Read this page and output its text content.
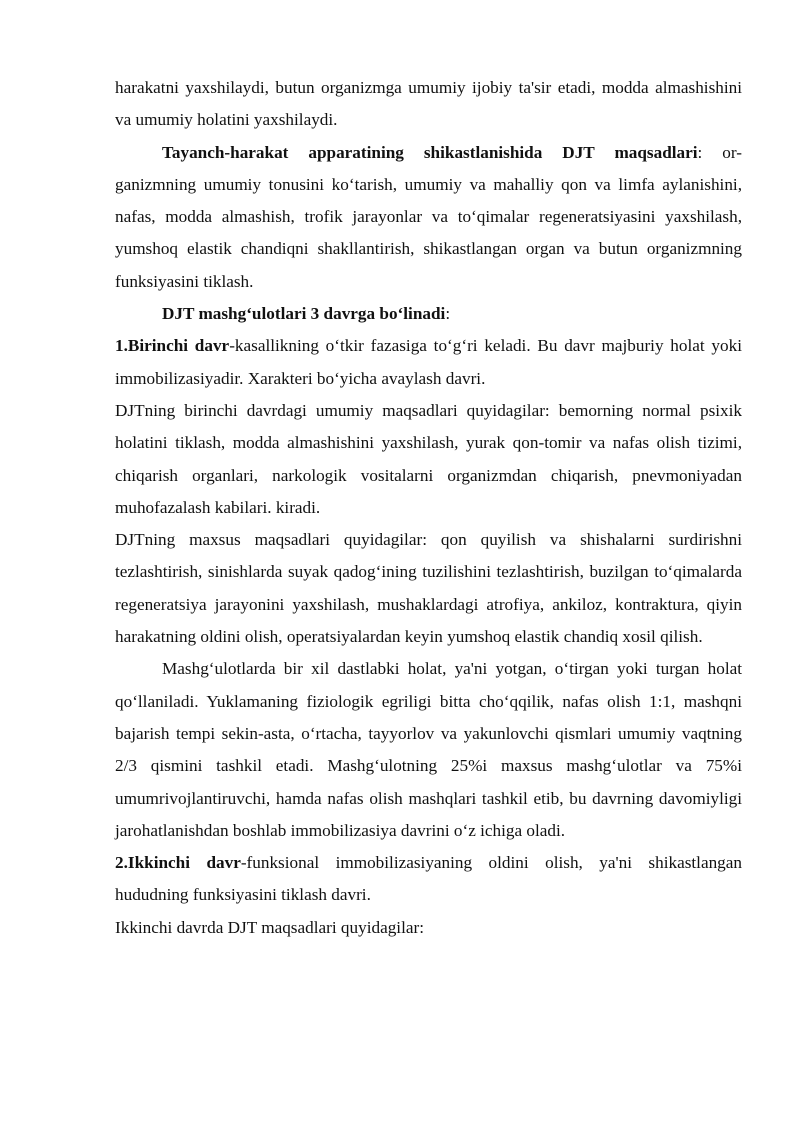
harakatni yaxshilaydi, butun organizmga umumiy ijobiy ta'sir etadi, modda almashishini va umumiy holatini yaxshilaydi.

Tayanch-harakat apparatining shikastlanishida DJT maqsadlari: or-ganizmning umumiy tonusini ko‘tarish, umumiy va mahalliy qon va limfa aylanishini, nafas, modda almashish, trofik jarayonlar va to‘qimalar regeneratsiyasini yaxshilash, yumshoq elastik chandiqni shakllantirish, shikastlangan organ va butun organizmning funksiyasini tiklash.

DJT mashg‘ulotlari 3 davrga bo‘linadi:

1.Birinchi davr-kasallikning o‘tkir fazasiga to‘g‘ri keladi. Bu davr majburiy holat yoki immobilizasiyadir. Xarakteri bo‘yicha avaylash davri.

DJTning birinchi davrdagi umumiy maqsadlari quyidagilar: bemorning normal psixik holatini tiklash, modda almashishini yaxshilash, yurak qon-tomir va nafas olish tizimi, chiqarish organlari, narkologik vositalarni organizmdan chiqarish, pnevmoniyadan muhofazalash kabilari. kiradi.

DJTning maxsus maqsadlari quyidagilar: qon quyilish va shishalarni surdirishni tezlashtirish, sinishlarda suyak qadog‘ining tuzilishini tezlashtirish, buzilgan to‘qimalarda regeneratsiya jarayonini yaxshilash, mushaklardagi atrofiya, ankiloz, kontraktura, qiyin harakatning oldini olish, operatsiyalardan keyin yumshoq elastik chandiq xosil qilish.

Mashg‘ulotlarda bir xil dastlabki holat, ya'ni yotgan, o‘tirgan yoki turgan holat qo‘llaniladi. Yuklamaning fiziologik egriligi bitta cho‘qqilik, nafas olish 1:1, mashqni bajarish tempi sekin-asta, o‘rtacha, tayyorlov va yakunlovchi qismlari umumiy vaqtning 2/3 qismini tashkil etadi. Mashg‘ulotning 25%i maxsus mashg‘ulotlar va 75%i umumrivojlantiruvchi, hamda nafas olish mashqlari tashkil etib, bu davrning davomiyligi jarohatlanishdan boshlab immobilizasiya davrini o‘z ichiga oladi.

2.Ikkinchi davr-funksional immobilizasiyaning oldini olish, ya'ni shikastlangan hududning funksiyasini tiklash davri.

Ikkinchi davrda DJT maqsadlari quyidagilar:
